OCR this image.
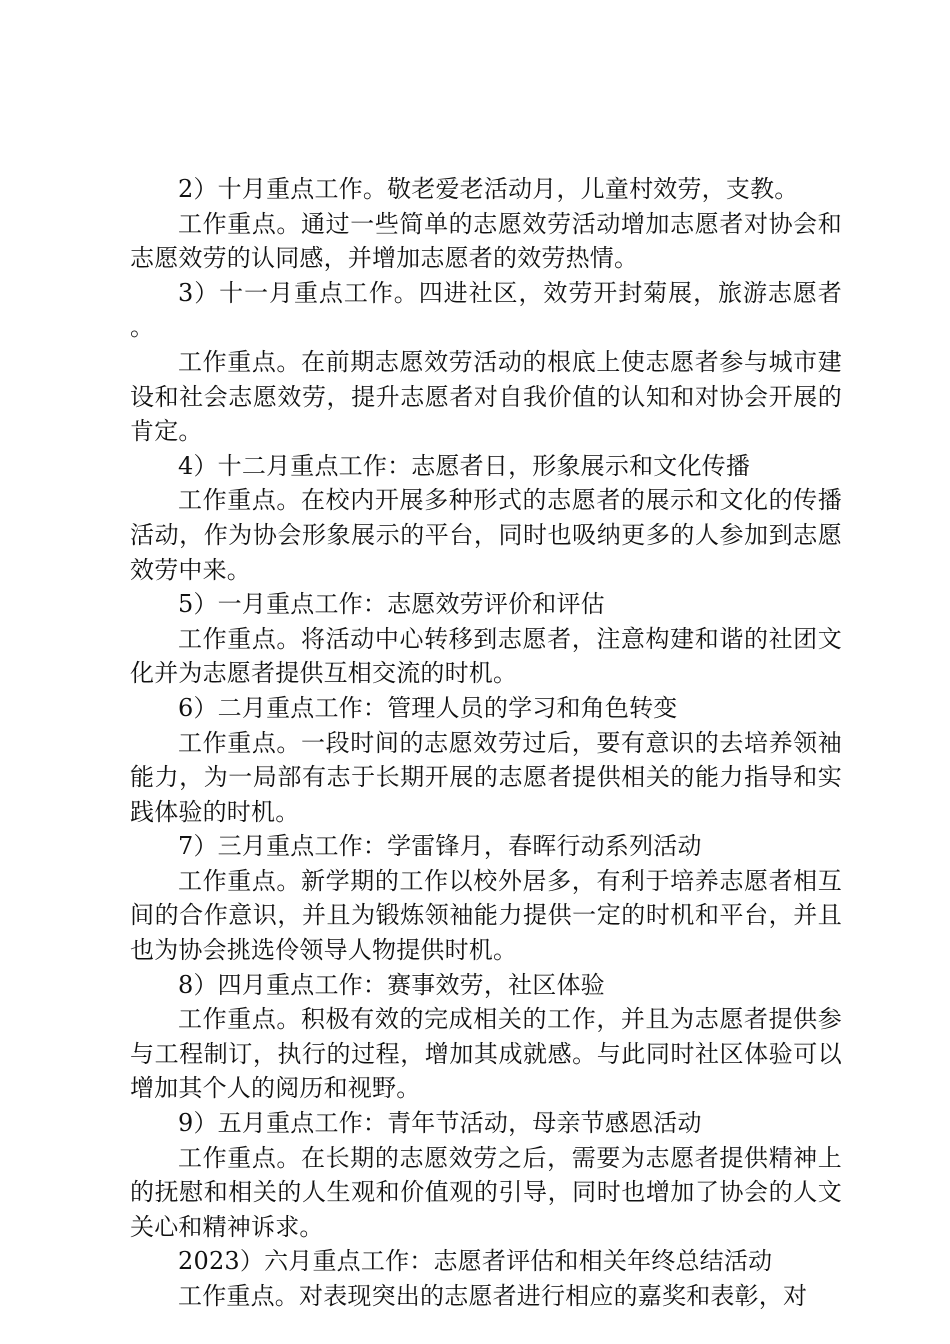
2）十月重点工作。敬老爱老活动月，儿童村效劳，支教。

工作重点。通过一些简单的志愿效劳活动增加志愿者对协会和志愿效劳的认同感，并增加志愿者的效劳热情。

3）十一月重点工作。四进社区，效劳开封菊展，旅游志愿者。

工作重点。在前期志愿效劳活动的根底上使志愿者参与城市建设和社会志愿效劳，提升志愿者对自我价值的认知和对协会开展的肯定。

4）十二月重点工作：志愿者日，形象展示和文化传播

工作重点。在校内开展多种形式的志愿者的展示和文化的传播活动，作为协会形象展示的平台，同时也吸纳更多的人参加到志愿效劳中来。

5）一月重点工作：志愿效劳评价和评估

工作重点。将活动中心转移到志愿者，注意构建和谐的社团文化并为志愿者提供互相交流的时机。

6）二月重点工作：管理人员的学习和角色转变

工作重点。一段时间的志愿效劳过后，要有意识的去培养领袖能力，为一局部有志于长期开展的志愿者提供相关的能力指导和实践体验的时机。

7）三月重点工作：学雷锋月，春晖行动系列活动

工作重点。新学期的工作以校外居多，有利于培养志愿者相互间的合作意识，并且为锻炼领袖能力提供一定的时机和平台，并且也为协会挑选伶领导人物提供时机。

8）四月重点工作：赛事效劳，社区体验

工作重点。积极有效的完成相关的工作，并且为志愿者提供参与工程制订，执行的过程，增加其成就感。与此同时社区体验可以增加其个人的阅历和视野。

9）五月重点工作：青年节活动，母亲节感恩活动

工作重点。在长期的志愿效劳之后，需要为志愿者提供精神上的抚慰和相关的人生观和价值观的引导，同时也增加了协会的人文关心和精神诉求。

2023）六月重点工作：志愿者评估和相关年终总结活动

工作重点。对表现突出的志愿者进行相应的嘉奖和表彰，对
